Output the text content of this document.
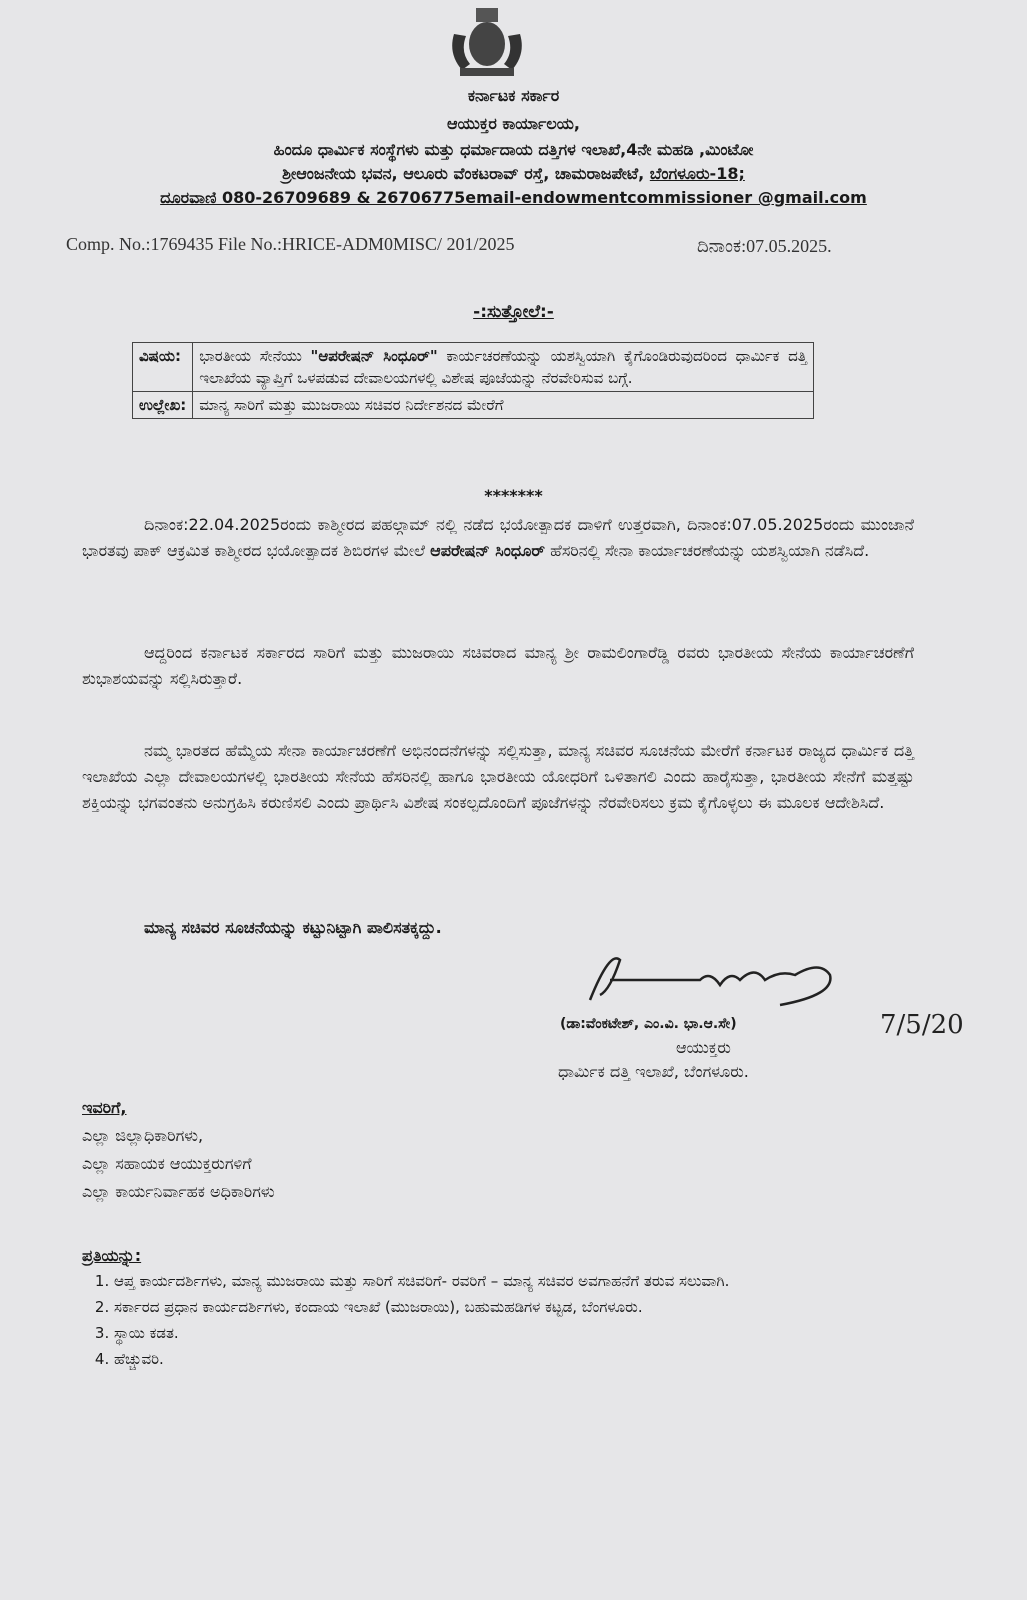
ಕರ್ನಾಟಕ ಸರ್ಕಾರ
ಆಯುಕ್ತರ ಕಾರ್ಯಾಲಯ,
ಹಿಂದೂ ಧಾರ್ಮಿಕ ಸಂಸ್ಥೆಗಳು ಮತ್ತು ಧರ್ಮಾದಾಯ ದತ್ತಿಗಳ ಇಲಾಖೆ,4ನೇ ಮಹಡಿ ,ಮಿಂಟೋ
ಶ್ರೀಆಂಜನೇಯ ಭವನ, ಆಲೂರು ವೆಂಕಟರಾವ್ ರಸ್ತೆ, ಚಾಮರಾಜಪೇಟೆ, ಬೆಂಗಳೂರು-18;
ದೂರವಾಣಿ 080-26709689 & 26706775email-endowmentcommissioner @gmail.com
Comp. No.:1769435 File No.:HRICE-ADM0MISC/ 201/2025	ದಿನಾಂಕ:07.05.2025.
-:ಸುತ್ತೋಲೆ:-
ವಿಷಯ:	ಭಾರತೀಯ ಸೇನೆಯು "ಆಪರೇಷನ್ ಸಿಂಧೂರ್" ಕಾರ್ಯಚರಣೆಯನ್ನು ಯಶಸ್ವಿಯಾಗಿ ಕೈಗೊಂಡಿರುವುದರಿಂದ ಧಾರ್ಮಿಕ ದತ್ತಿ ಇಲಾಖೆಯ ವ್ಯಾಪ್ತಿಗೆ ಒಳಪಡುವ ದೇವಾಲಯಗಳಲ್ಲಿ ವಿಶೇಷ ಪೂಜೆಯನ್ನು ನೆರವೇರಿಸುವ ಬಗ್ಗೆ.
ಉಲ್ಲೇಖ:	ಮಾನ್ಯ ಸಾರಿಗೆ ಮತ್ತು ಮುಜರಾಯಿ ಸಚಿವರ ನಿರ್ದೇಶನದ ಮೇರೆಗೆ
*******
ದಿನಾಂಕ:22.04.2025ರಂದು ಕಾಶ್ಮೀರದ ಪಹಲ್ಗಾಮ್ ನಲ್ಲಿ ನಡೆದ ಭಯೋತ್ಪಾದಕ ದಾಳಿಗೆ ಉತ್ತರವಾಗಿ, ದಿನಾಂಕ:07.05.2025ರಂದು ಮುಂಜಾನೆ ಭಾರತವು ಪಾಕ್ ಆಕ್ರಮಿತ ಕಾಶ್ಮೀರದ ಭಯೋತ್ಪಾದಕ ಶಿಬಿರಗಳ ಮೇಲೆ ಆಪರೇಷನ್ ಸಿಂಧೂರ್ ಹೆಸರಿನಲ್ಲಿ ಸೇನಾ ಕಾರ್ಯಾಚರಣೆಯನ್ನು ಯಶಸ್ವಿಯಾಗಿ ನಡೆಸಿದೆ.
ಆದ್ದರಿಂದ ಕರ್ನಾಟಕ ಸರ್ಕಾರದ ಸಾರಿಗೆ ಮತ್ತು ಮುಜರಾಯಿ ಸಚಿವರಾದ ಮಾನ್ಯ ಶ್ರೀ ರಾಮಲಿಂಗಾರೆಡ್ಡಿ ರವರು ಭಾರತೀಯ ಸೇನೆಯ ಕಾರ್ಯಾಚರಣೆಗೆ ಶುಭಾಶಯವನ್ನು ಸಲ್ಲಿಸಿರುತ್ತಾರೆ.
ನಮ್ಮ ಭಾರತದ ಹೆಮ್ಮೆಯ ಸೇನಾ ಕಾರ್ಯಾಚರಣೆಗೆ ಅಭಿನಂದನೆಗಳನ್ನು ಸಲ್ಲಿಸುತ್ತಾ, ಮಾನ್ಯ ಸಚಿವರ ಸೂಚನೆಯ ಮೇರೆಗೆ ಕರ್ನಾಟಕ ರಾಜ್ಯದ ಧಾರ್ಮಿಕ ದತ್ತಿ ಇಲಾಖೆಯ ಎಲ್ಲಾ ದೇವಾಲಯಗಳಲ್ಲಿ ಭಾರತೀಯ ಸೇನೆಯ ಹೆಸರಿನಲ್ಲಿ ಹಾಗೂ ಭಾರತೀಯ ಯೋಧರಿಗೆ ಒಳಿತಾಗಲಿ ಎಂದು ಹಾರೈಸುತ್ತಾ, ಭಾರತೀಯ ಸೇನೆಗೆ ಮತ್ತಷ್ಟು ಶಕ್ತಿಯನ್ನು ಭಗವಂತನು ಅನುಗ್ರಹಿಸಿ ಕರುಣಿಸಲಿ ಎಂದು ಪ್ರಾರ್ಥಿಸಿ ವಿಶೇಷ ಸಂಕಲ್ಪದೊಂದಿಗೆ ಪೂಜೆಗಳನ್ನು ನೆರವೇರಿಸಲು ಕ್ರಮ ಕೈಗೊಳ್ಳಲು ಈ ಮೂಲಕ ಆದೇಶಿಸಿದೆ.
ಮಾನ್ಯ ಸಚಿವರ ಸೂಚನೆಯನ್ನು ಕಟ್ಟುನಿಟ್ಟಾಗಿ ಪಾಲಿಸತಕ್ಕದ್ದು.
7/5/20
(ಡಾ:ವೆಂಕಟೇಶ್, ಎಂ.ವಿ. ಭಾ.ಆ.ಸೇ)
ಆಯುಕ್ತರು
ಧಾರ್ಮಿಕ ದತ್ತಿ ಇಲಾಖೆ, ಬೆಂಗಳೂರು.
ಇವರಿಗೆ,
ಎಲ್ಲಾ ಜಿಲ್ಲಾಧಿಕಾರಿಗಳು,
ಎಲ್ಲಾ ಸಹಾಯಕ ಆಯುಕ್ತರುಗಳಿಗೆ
ಎಲ್ಲಾ ಕಾರ್ಯನಿರ್ವಾಹಕ ಅಧಿಕಾರಿಗಳು
ಪ್ರತಿಯನ್ನು:
1. ಆಪ್ತ ಕಾರ್ಯದರ್ಶಿಗಳು, ಮಾನ್ಯ ಮುಜರಾಯಿ ಮತ್ತು ಸಾರಿಗೆ ಸಚಿವರಿಗೆ- ರವರಿಗೆ – ಮಾನ್ಯ ಸಚಿವರ ಅವಗಾಹನೆಗೆ ತರುವ ಸಲುವಾಗಿ.
2. ಸರ್ಕಾರದ ಪ್ರಧಾನ ಕಾರ್ಯದರ್ಶಿಗಳು, ಕಂದಾಯ ಇಲಾಖೆ (ಮುಜರಾಯಿ), ಬಹುಮಹಡಿಗಳ ಕಟ್ಟಡ, ಬೆಂಗಳೂರು.
3. ಸ್ಥಾಯಿ ಕಡತ.
4. ಹೆಚ್ಚುವರಿ.
